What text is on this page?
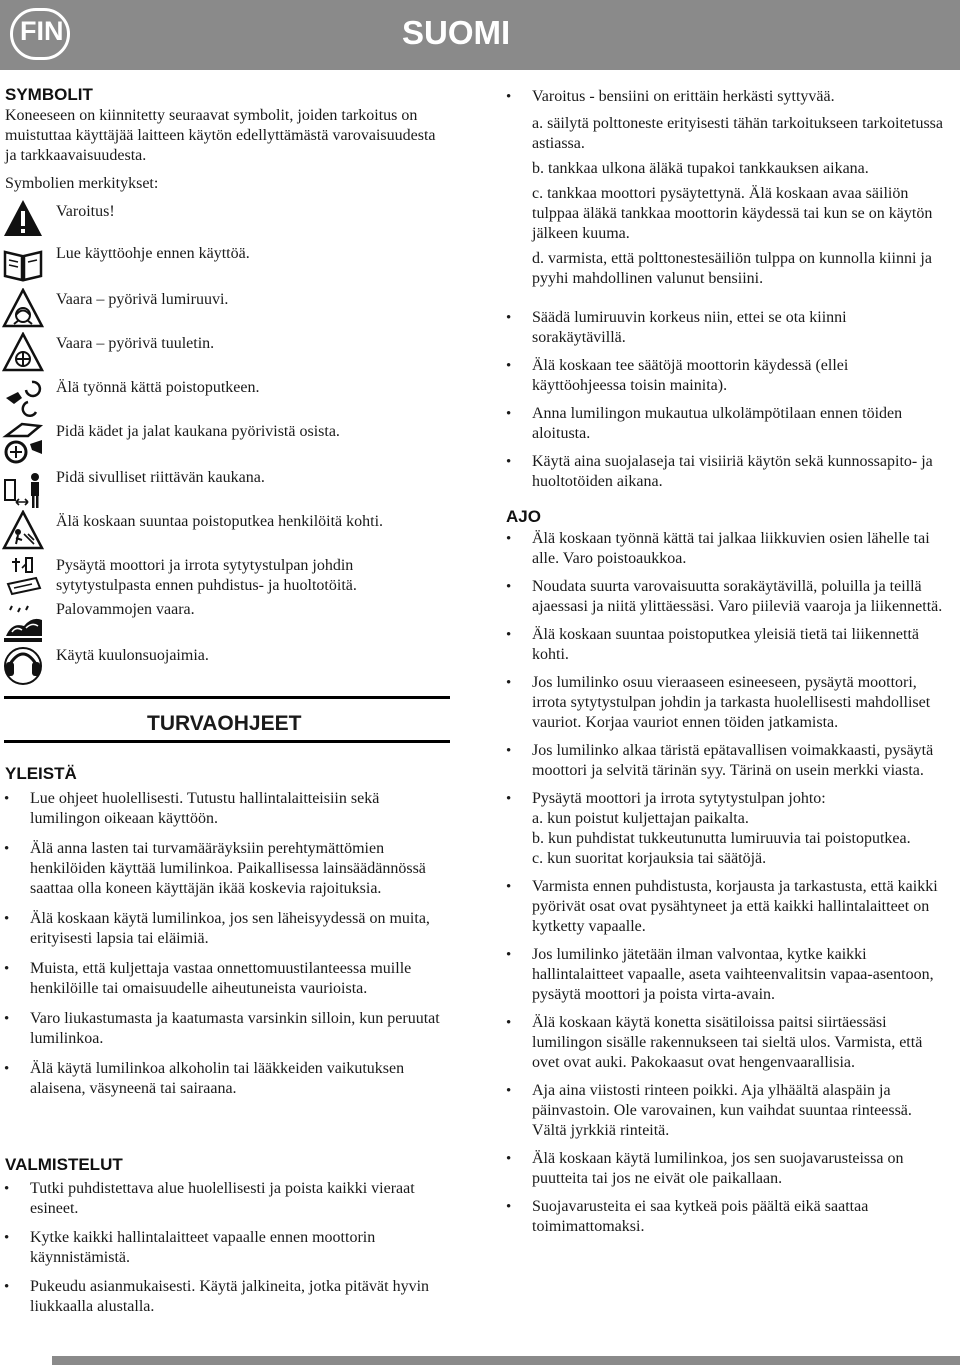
FIN	SUOMI
SYMBOLIT

Koneeseen on kiinnitetty seuraavat symbolit, joiden tarkoitus on muistuttaa käyttäjää laitteen käytön edellyttämästä varovaisuudesta ja tarkkaavaisuudesta.

Symbolien merkitykset:

Varoitus!
Lue käyttöohje ennen käyttöä.
Vaara – pyörivä lumiruuvi.
Vaara – pyörivä tuuletin.
Älä työnnä kättä poistoputkeen.
Pidä kädet ja jalat kaukana pyörivistä osista.
Pidä sivulliset riittävän kaukana.
Älä koskaan suuntaa poistoputkea henkilöitä kohti.
Pysäytä moottori ja irrota sytytystulpan johdin sytytystulpasta ennen puhdistus- ja huoltotöitä.
Palovammojen vaara.
Käytä kuulonsuojaimia.
TURVAOHJEET
YLEISTÄ
• Lue ohjeet huolellisesti. Tutustu hallintalaitteisiin sekä lumilingon oikeaan käyttöön.
• Älä anna lasten tai turvamääräyksiin perehtymättömien henkilöiden käyttää lumilinkoa. Paikallisessa lainsäädännössä saattaa olla koneen käyttäjän ikää koskevia rajoituksia.
• Älä koskaan käytä lumilinkoa, jos sen läheisyydessä on muita, erityisesti lapsia tai eläimiä.
• Muista, että kuljettaja vastaa onnettomuustilanteessa muille henkilöille tai omaisuudelle aiheutuneista vaurioista.
• Varo liukastumasta ja kaatumasta varsinkin silloin, kun peruutat lumilinkoa.
• Älä käytä lumilinkoa alkoholin tai lääkkeiden vaikutuksen alaisena, väsyneenä tai sairaana.
VALMISTELUT
• Tutki puhdistettava alue huolellisesti ja poista kaikki vieraat esineet.
• Kytke kaikki hallintalaitteet vapaalle ennen moottorin käynnistämistä.
• Pukeudu asianmukaisesti. Käytä jalkineita, jotka pitävät hyvin liukkaalla alustalla.
• Varoitus - bensiini on erittäin herkästi syttyvää.

a. säilytä polttoneste erityisesti tähän tarkoitukseen tarkoitetussa astiassa.

b. tankkaa ulkona äläkä tupakoi tankkauksen aikana.

c. tankkaa moottori pysäytettynä. Älä koskaan avaa säiliön tulppaa äläkä tankkaa moottorin käydessä tai kun se on käytön jälkeen kuuma.

d. varmista, että polttonestesäiliön tulppa on kunnolla kiinni ja pyyhi mahdollinen valunut bensiini.

• Säädä lumiruuvin korkeus niin, ettei se ota kiinni sorakäytävillä.
• Älä koskaan tee säätöjä moottorin käydessä (ellei käyttöohjeessa toisin mainita).
• Anna lumilingon mukautua ulkolämpötilaan ennen töiden aloitusta.
• Käytä aina suojalaseja tai visiiriä käytön sekä kunnossapito- ja huoltotöiden aikana.
AJO
• Älä koskaan työnnä kättä tai jalkaa liikkuvien osien lähelle tai alle. Varo poistoaukkoa.
• Noudata suurta varovaisuutta sorakäytävillä, poluilla ja teillä ajaessasi ja niitä ylittäessäsi. Varo piileviä vaaroja ja liikennettä.
• Älä koskaan suuntaa poistoputkea yleisiä tietä tai liikennettä kohti.
• Jos lumilinko osuu vieraaseen esineeseen, pysäytä moottori, irrota sytytystulpan johdin ja tarkasta huolellisesti mahdolliset vauriot. Korjaa vauriot ennen töiden jatkamista.
• Jos lumilinko alkaa täristä epätavallisen voimakkaasti, pysäytä moottori ja selvitä tärinän syy. Tärinä on usein merkki viasta.
• Pysäytä moottori ja irrota sytytystulpan johto:
a. kun poistut kuljettajan paikalta.
b. kun puhdistat tukkeutunutta lumiruuvia tai poistoputkea.
c. kun suoritat korjauksia tai säätöjä.
• Varmista ennen puhdistusta, korjausta ja tarkastusta, että kaikki pyörivät osat ovat pysähtyneet ja että kaikki hallintalaitteet on kytketty vapaalle.
• Jos lumilinko jätetään ilman valvontaa, kytke kaikki hallintalaitteet vapaalle, aseta vaihteenvalitsin vapaa-asentoon, pysäytä moottori ja poista virta-avain.
• Älä koskaan käytä konetta sisätiloissa paitsi siirtäessäsi lumilingon sisälle rakennukseen tai sieltä ulos. Varmista, että ovet ovat auki. Pakokaasut ovat hengenvaarallisia.
• Aja aina viistosti rinteen poikki. Aja ylhäältä alaspäin ja päinvastoin. Ole varovainen, kun vaihdat suuntaa rinteessä. Vältä jyrkkiä rinteitä.
• Älä koskaan käytä lumilinkoa, jos sen suojavarusteissa on puutteita tai jos ne eivät ole paikallaan.
• Suojavarusteita ei saa kytkeä pois päältä eikä saattaa toimimattomaksi.
